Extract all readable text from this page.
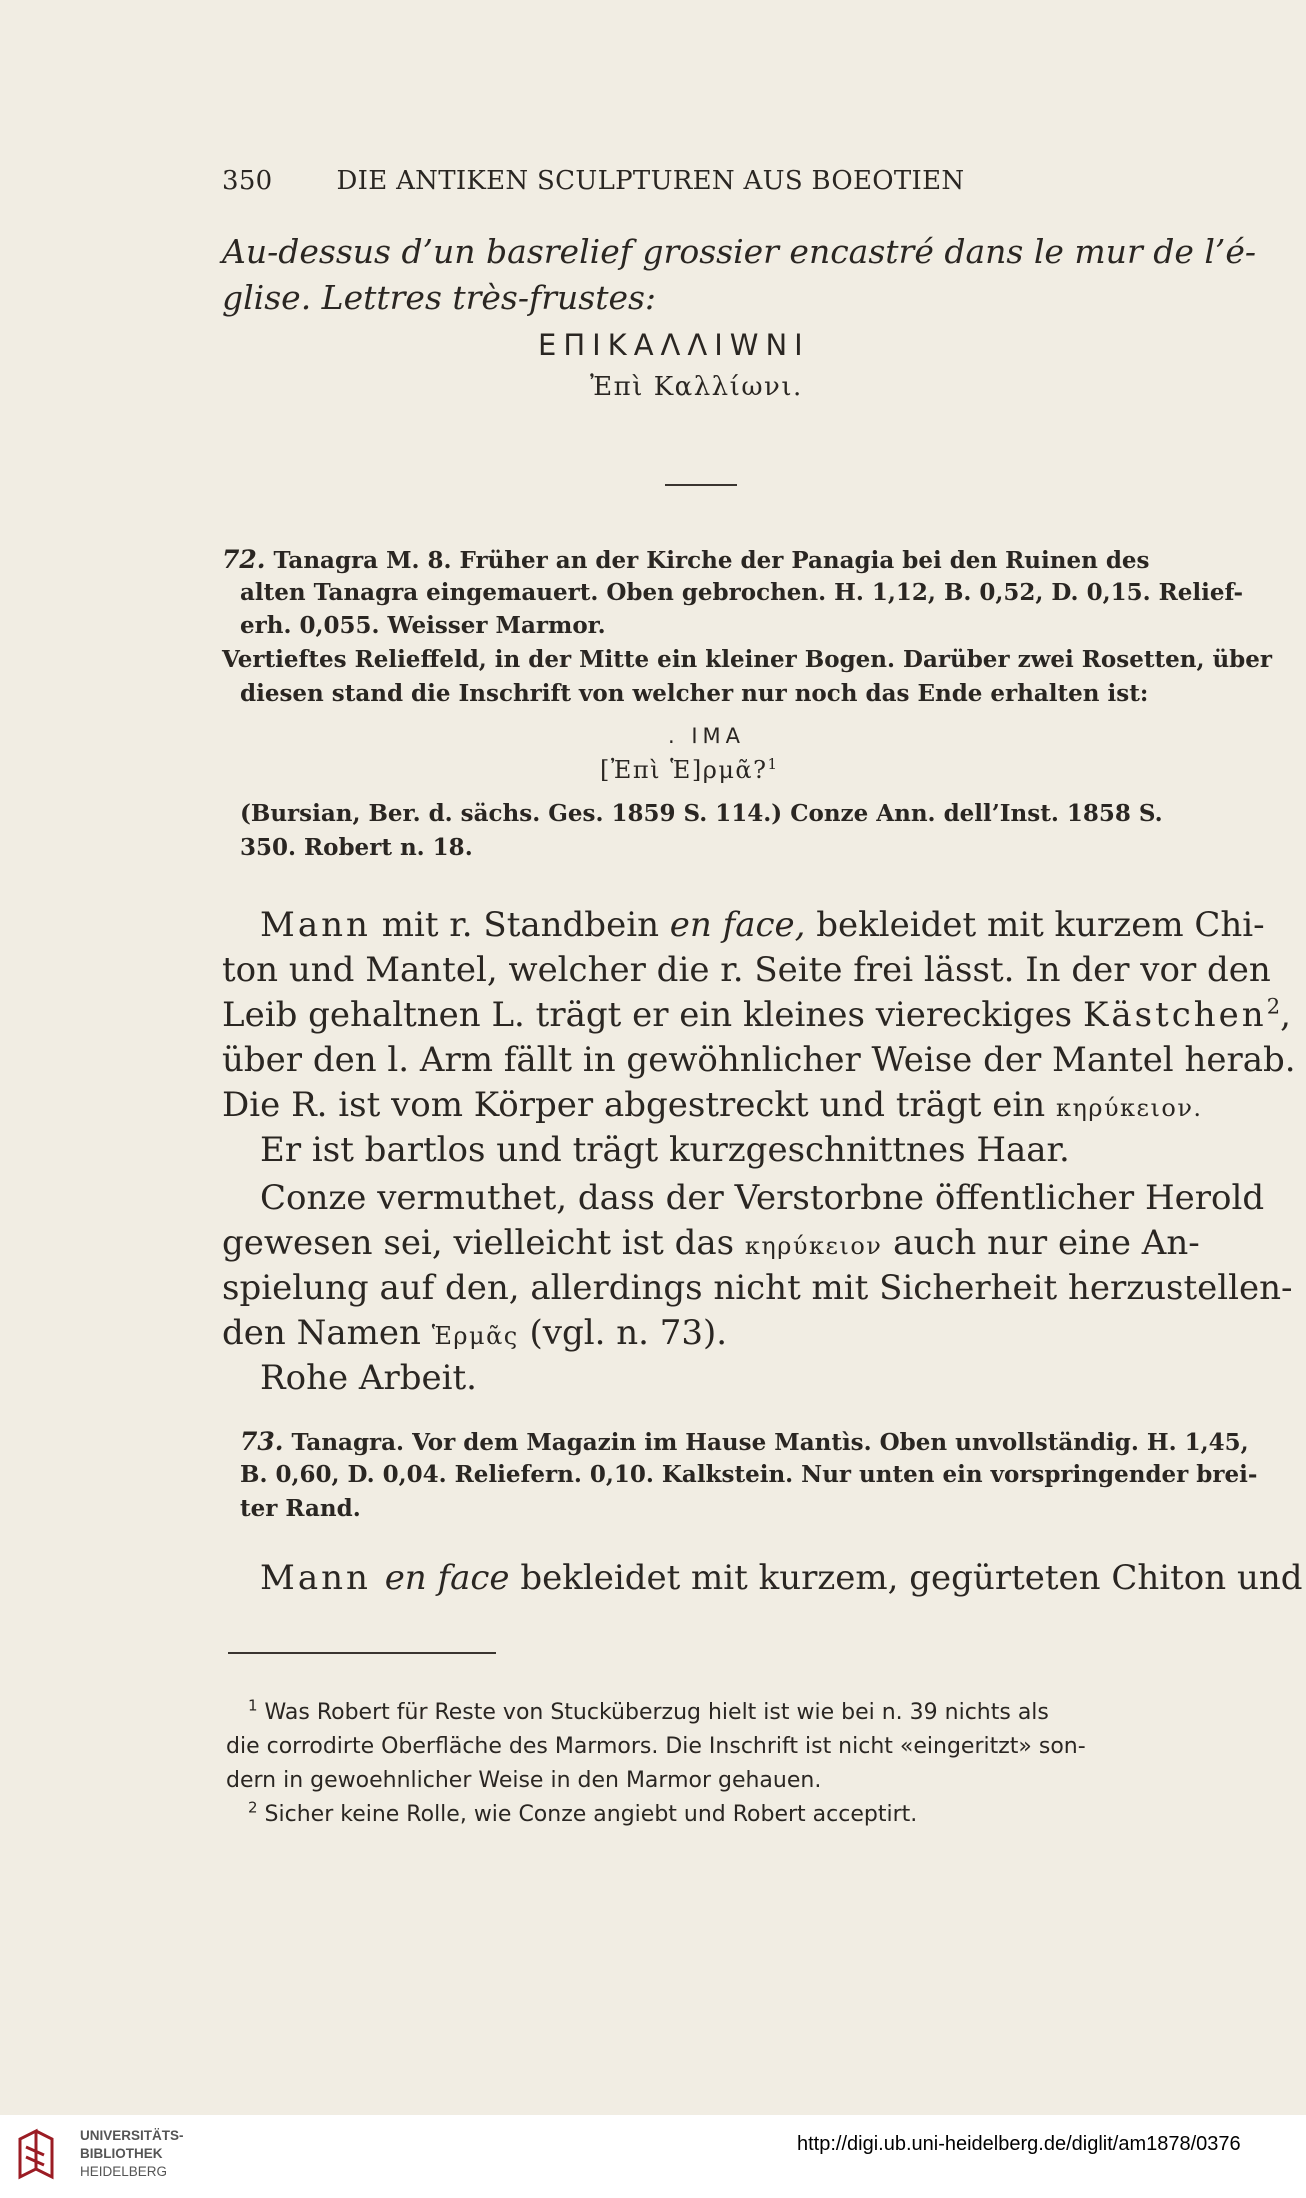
350 DIE ANTIKEN SCULPTUREN AUS BOEOTIEN
Au-dessus d’un basrelief grossier encastré dans le mur de l’é-
glise. Lettres très-frustes:
ΕΠΙΚΑΛΛΙWΝΙ
Ἐπὶ Καλλίωνι.
72. Tanagra M. 8. Früher an der Kirche der Panagia bei den Ruinen des
alten Tanagra eingemauert. Oben gebrochen. H. 1,12, B. 0,52, D. 0,15. Relief-
erh. 0,055. Weisser Marmor.
Vertieftes Relieffeld, in der Mitte ein kleiner Bogen. Darüber zwei Rosetten, über
diesen stand die Inschrift von welcher nur noch das Ende erhalten ist:
. ΙΜΑ
[Ἐπὶ Ἑ]ρμᾶ?$^1$
(Bursian, Ber. d. sächs. Ges. 1859 S. 114.) Conze Ann. dell’Inst. 1858 S.
350. Robert n. 18.
Mann mit r. Standbein en face, bekleidet mit kurzem Chi-
ton und Mantel, welcher die r. Seite frei lässt. In der vor den
Leib gehaltnen L. trägt er ein kleines viereckiges Kästchen$^2$,
über den l. Arm fällt in gewöhnlicher Weise der Mantel herab.
Die R. ist vom Körper abgestreckt und trägt ein κηρύκειον.
Er ist bartlos und trägt kurzgeschnittnes Haar.
Conze vermuthet, dass der Verstorbne öffentlicher Herold
gewesen sei, vielleicht ist das κηρύκειον auch nur eine An-
spielung auf den, allerdings nicht mit Sicherheit herzustellen-
den Namen Ἑρμᾶς (vgl. n. 73).
Rohe Arbeit.
73. Tanagra. Vor dem Magazin im Hause Mantìs. Oben unvollständig. H. 1,45,
B. 0,60, D. 0,04. Reliefern. 0,10. Kalkstein. Nur unten ein vorspringender brei-
ter Rand.
Mann en face bekleidet mit kurzem, gegürteten Chiton und
$^1$ Was Robert für Reste von Stucküberzug hielt ist wie bei n. 39 nichts als
die corrodirte Oberfläche des Marmors. Die Inschrift ist nicht «eingeritzt» son-
dern in gewoehnlicher Weise in den Marmor gehauen.
$^2$ Sicher keine Rolle, wie Conze angiebt und Robert acceptirt.
UNIVERSITÄTS-
BIBLIOTHEK
HEIDELBERG
http://digi.ub.uni-heidelberg.de/diglit/am1878/0376
